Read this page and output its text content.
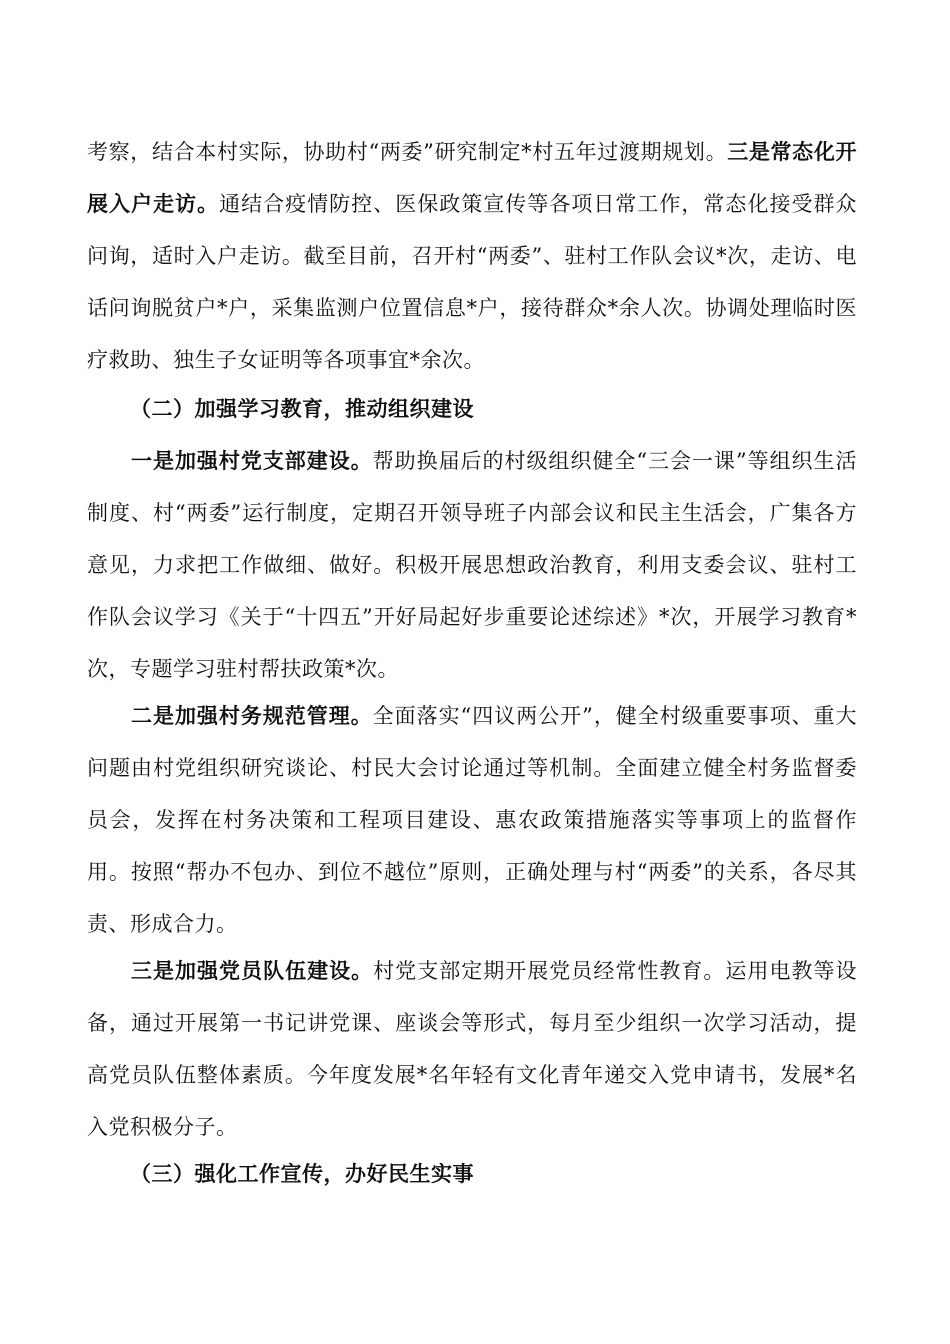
考察，结合本村实际，协助村“两委”研究制定*村五年过渡期规划。三是常态化开展入户走访。通结合疫情防控、医保政策宣传等各项日常工作，常态化接受群众问询，适时入户走访。截至目前，召开村“两委”、驻村工作队会议*次，走访、电话问询脱贫户*户，采集监测户位置信息*户，接待群众*余人次。协调处理临时医疗救助、独生子女证明等各项事宜*余次。

（二）加强学习教育，推动组织建设

一是加强村党支部建设。帮助换届后的村级组织健全“三会一课”等组织生活制度、村“两委”运行制度，定期召开领导班子内部会议和民主生活会，广集各方意见，力求把工作做细、做好。积极开展思想政治教育，利用支委会议、驻村工作队会议学习《关于“十四五”开好局起好步重要论述综述》*次，开展学习教育*次，专题学习驻村帮扶政策*次。

二是加强村务规范管理。全面落实“四议两公开”，健全村级重要事项、重大问题由村党组织研究谈论、村民大会讨论通过等机制。全面建立健全村务监督委员会，发挥在村务决策和工程项目建设、惠农政策措施落实等事项上的监督作用。按照“帮办不包办、到位不越位”原则，正确处理与村“两委”的关系，各尽其责、形成合力。

三是加强党员队伍建设。村党支部定期开展党员经常性教育。运用电教等设备，通过开展第一书记讲党课、座谈会等形式，每月至少组织一次学习活动，提高党员队伍整体素质。今年度发展*名年轻有文化青年递交入党申请书，发展*名入党积极分子。

（三）强化工作宣传，办好民生实事
